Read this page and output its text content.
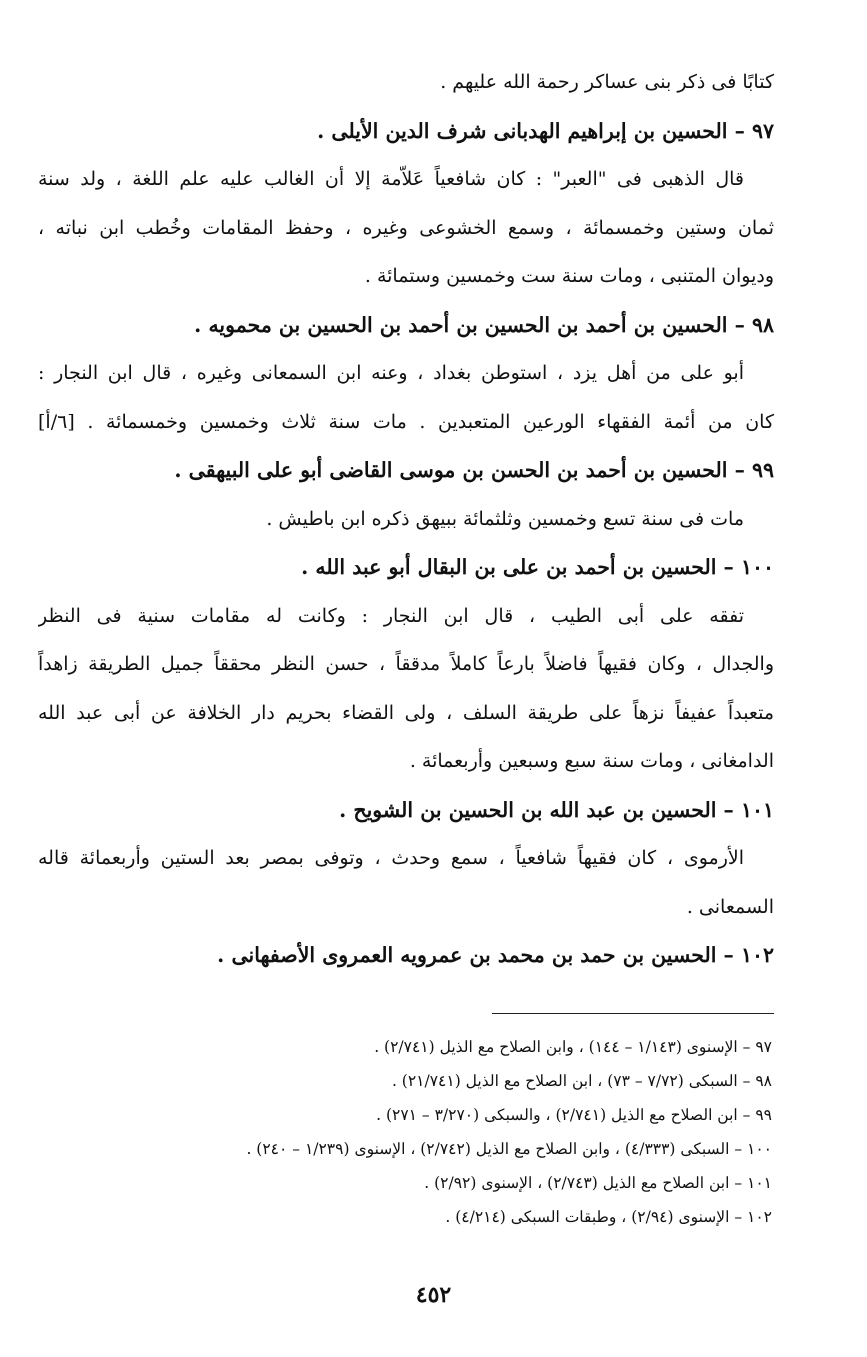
كتابًا فى ذكر بنى عساكر رحمة الله عليهم .
٩٧ – الحسين بن إبراهيم الهدبانى شرف الدين الأيلى .
قال الذهبى فى "العبر" : كان شافعياً عَلاّمة إلا أن الغالب عليه علم اللغة ، ولد سنة
ثمان وستين وخمسمائة ، وسمع الخشوعى وغيره ، وحفظ المقامات وخُطب ابن نباته ،
وديوان المتنبى ، ومات سنة ست وخمسين وستمائة .
٩٨ – الحسين بن أحمد بن الحسين بن أحمد بن الحسين بن محمويه .
أبو على من أهل يزد ، استوطن بغداد ، وعنه ابن السمعانى وغيره ، قال ابن النجار :
كان من أئمة الفقهاء الورعين المتعبدين . مات سنة ثلاث وخمسين وخمسمائة . [٦/أ]
٩٩ – الحسين بن أحمد بن الحسن بن موسى القاضى أبو على البيهقى .
مات فى سنة تسع وخمسين وثلثمائة ببيهق ذكره ابن باطيش .
١٠٠ – الحسين بن أحمد بن على بن البقال أبو عبد الله .
تفقه على أبى الطيب ، قال ابن النجار : وكانت له مقامات سنية فى النظر
والجدال ، وكان فقيهاً فاضلاً بارعاً كاملاً مدققاً ، حسن النظر محققاً جميل الطريقة زاهداً
متعبداً عفيفاً نزهاً على طريقة السلف ، ولى القضاء بحريم دار الخلافة عن أبى عبد الله
الدامغانى ، ومات سنة سبع وسبعين وأربعمائة .
١٠١ – الحسين بن عبد الله بن الحسين بن الشويح .
الأرموى ، كان فقيهاً شافعياً ، سمع وحدث ، وتوفى بمصر بعد الستين وأربعمائة قاله
السمعانى .
١٠٢ – الحسين بن حمد بن محمد بن عمرويه العمروى الأصفهانى .
٩٧ – الإسنوى (١/١٤٣ – ١٤٤) ، وابن الصلاح مع الذيل (٢/٧٤١) .
٩٨ – السبكى (٧/٧٢ – ٧٣) ، ابن الصلاح مع الذيل (٢١/٧٤١) .
٩٩ – ابن الصلاح مع الذيل (٢/٧٤١) ، والسبكى (٣/٢٧٠ – ٢٧١) .
١٠٠ – السبكى (٤/٣٣٣) ، وابن الصلاح مع الذيل (٢/٧٤٢) ، الإسنوى (١/٢٣٩ – ٢٤٠) .
١٠١ – ابن الصلاح مع الذيل (٢/٧٤٣) ، الإسنوى (٢/٩٢) .
١٠٢ – الإسنوى (٢/٩٤) ، وطبقات السبكى (٤/٢١٤) .
٤٥٢
